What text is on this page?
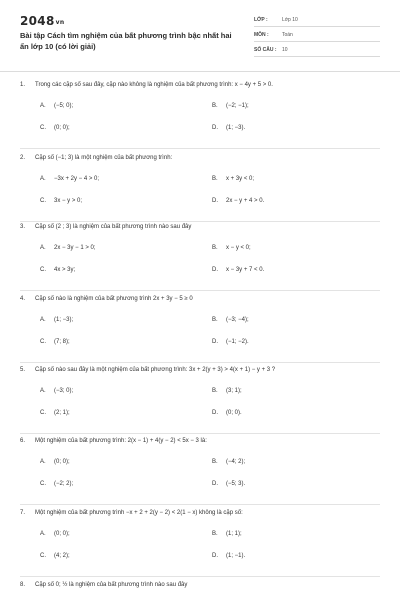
2048vn
Bài tập Cách tìm nghiệm của bất phương trình bậc nhất hai ẩn lớp 10 (có lời giải)
LỚP :	Lớp 10
MÔN :	Toán
SỐ CÂU :	10
1. Trong các cặp số sau đây, cặp nào không là nghiệm của bất phương trình: x − 4y + 5 > 0.
A. (−5; 0);	B. (−2; −1);
C. (0; 0);	D. (1; −3).
2. Cặp số (−1; 3) là một nghiệm của bất phương trình:
A. −3x + 2y − 4 > 0;	B. x + 3y < 0;
C. 3x − y > 0;	D. 2x − y + 4 > 0.
3. Cặp số (2 ; 3) là nghiệm của bất phương trình nào sau đây
A. 2x − 3y − 1 > 0;	B. x − y < 0;
C. 4x > 3y;	D. x − 3y + 7 < 0.
4. Cặp số nào là nghiệm của bất phương trình 2x + 3y − 5 ≥ 0
A. (1; −3);	B. (−3; −4);
C. (7; 8);	D. (−1; −2).
5. Cặp số nào sau đây là một nghiệm của bất phương trình: 3x + 2(y + 3) > 4(x + 1) − y + 3 ?
A. (−3; 0);	B. (3; 1);
C. (2; 1);	D. (0; 0).
6. Một nghiệm của bất phương trình: 2(x − 1) + 4(y − 2) < 5x − 3 là:
A. (0; 0);	B. (−4; 2);
C. (−2; 2);	D. (−5; 3).
7. Một nghiệm của bất phương trình −x + 2 + 2(y − 2) < 2(1 − x) không là cặp số:
A. (0; 0);	B. (1; 1);
C. (4; 2);	D. (1; −1).
8. Cặp số 0; ½ là nghiệm của bất phương trình nào sau đây
